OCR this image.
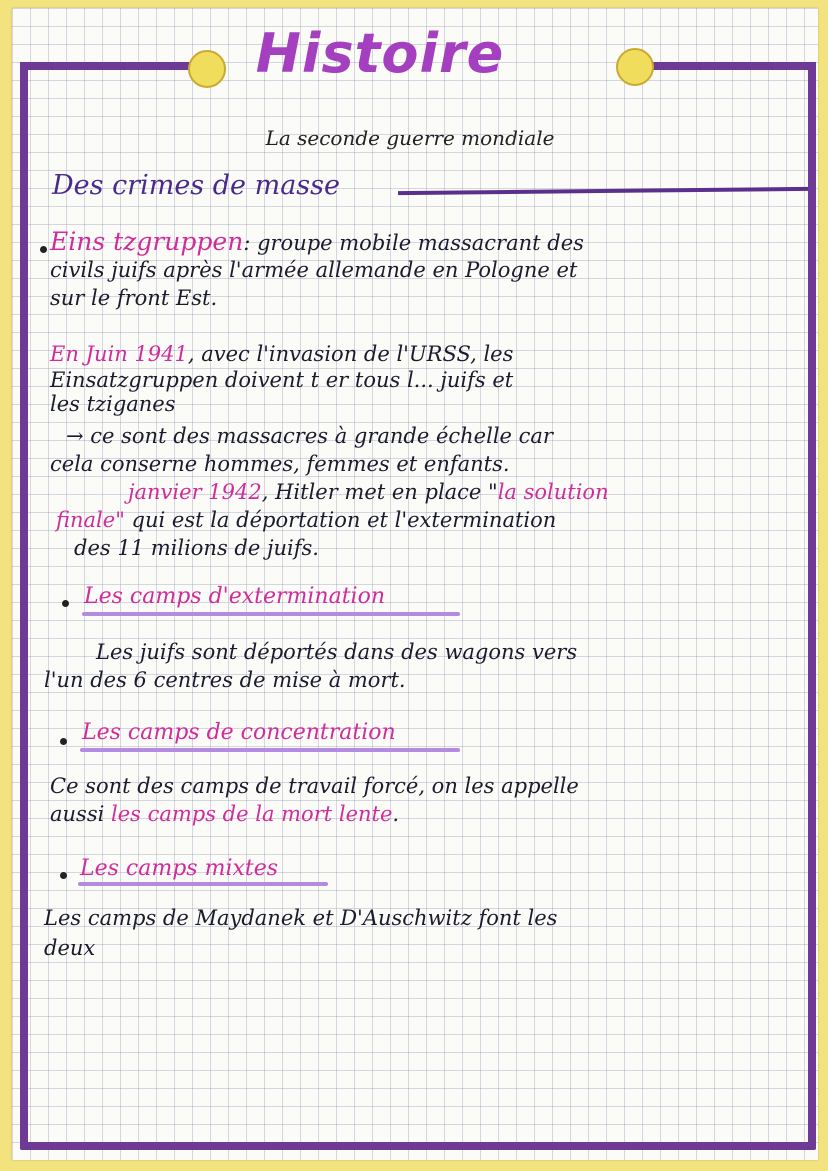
Histoire
La seconde guerre mondiale
Des crimes de masse
Eins tzgruppen: groupe mobile massacrant des
civils juifs après l'armée allemande en Pologne et
sur le front Est.
En Juin 1941, avec l'invasion de l'URSS, les
Einsatzgruppen doivent t er tous l... juifs et
les tziganes
→ ce sont des massacres à grande échelle car
cela conserne hommes, femmes et enfants.
janvier 1942, Hitler met en place "la solution
finale" qui est la déportation et l'extermination
des 11 milions de juifs.
Les camps d'extermination
Les juifs sont déportés dans des wagons vers
l'un des 6 centres de mise à mort.
Les camps de concentration
Ce sont des camps de travail forcé, on les appelle
aussi les camps de la mort lente.
Les camps mixtes
Les camps de Maydanek et D'Auschwitz font les
deux
